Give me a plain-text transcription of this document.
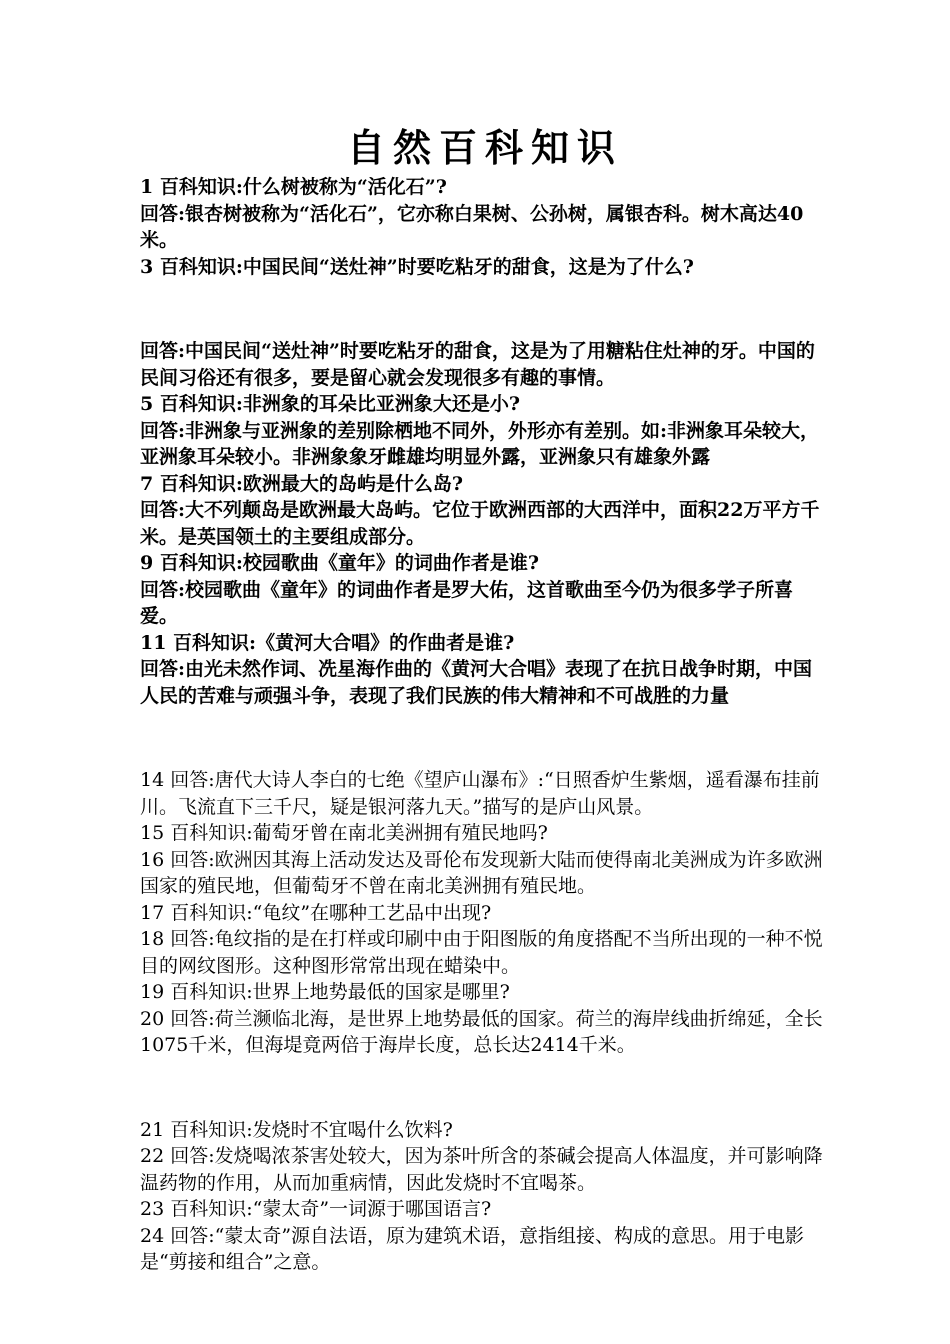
自然百科知识

1 百科知识:什么树被称为“活化石”?

回答:银杏树被称为“活化石”，它亦称白果树、公孙树，属银杏科。树木高达40米。

3 百科知识:中国民间“送灶神”时要吃粘牙的甜食，这是为了什么?

回答:中国民间“送灶神”时要吃粘牙的甜食，这是为了用糖粘住灶神的牙。中国的民间习俗还有很多，要是留心就会发现很多有趣的事情。

5 百科知识:非洲象的耳朵比亚洲象大还是小?

回答:非洲象与亚洲象的差别除栖地不同外，外形亦有差别。如:非洲象耳朵较大，亚洲象耳朵较小。非洲象象牙雌雄均明显外露，亚洲象只有雄象外露

7 百科知识:欧洲最大的岛屿是什么岛?

回答:大不列颠岛是欧洲最大岛屿。它位于欧洲西部的大西洋中，面积22万平方千米。是英国领土的主要组成部分。

9 百科知识:校园歌曲《童年》的词曲作者是谁?

回答:校园歌曲《童年》的词曲作者是罗大佑，这首歌曲至今仍为很多学子所喜爱。

11 百科知识:《黄河大合唱》的作曲者是谁?

回答:由光未然作词、冼星海作曲的《黄河大合唱》表现了在抗日战争时期，中国人民的苦难与顽强斗争，表现了我们民族的伟大精神和不可战胜的力量

14 回答:唐代大诗人李白的七绝《望庐山瀑布》:“日照香炉生紫烟，遥看瀑布挂前川。飞流直下三千尺，疑是银河落九天。”描写的是庐山风景。

15 百科知识:葡萄牙曾在南北美洲拥有殖民地吗?

16 回答:欧洲因其海上活动发达及哥伦布发现新大陆而使得南北美洲成为许多欧洲国家的殖民地，但葡萄牙不曾在南北美洲拥有殖民地。

17 百科知识:“龟纹”在哪种工艺品中出现?

18 回答:龟纹指的是在打样或印刷中由于阳图版的角度搭配不当所出现的一种不悦目的网纹图形。这种图形常常出现在蜡染中。

19 百科知识:世界上地势最低的国家是哪里?

20 回答:荷兰濒临北海，是世界上地势最低的国家。荷兰的海岸线曲折绵延，全长1075千米，但海堤竟两倍于海岸长度，总长达2414千米。

21 百科知识:发烧时不宜喝什么饮料?

22 回答:发烧喝浓茶害处较大，因为茶叶所含的茶碱会提高人体温度，并可影响降温药物的作用，从而加重病情，因此发烧时不宜喝茶。

23 百科知识:“蒙太奇”一词源于哪国语言?

24 回答:“蒙太奇”源自法语，原为建筑术语，意指组接、构成的意思。用于电影是“剪接和组合”之意。
